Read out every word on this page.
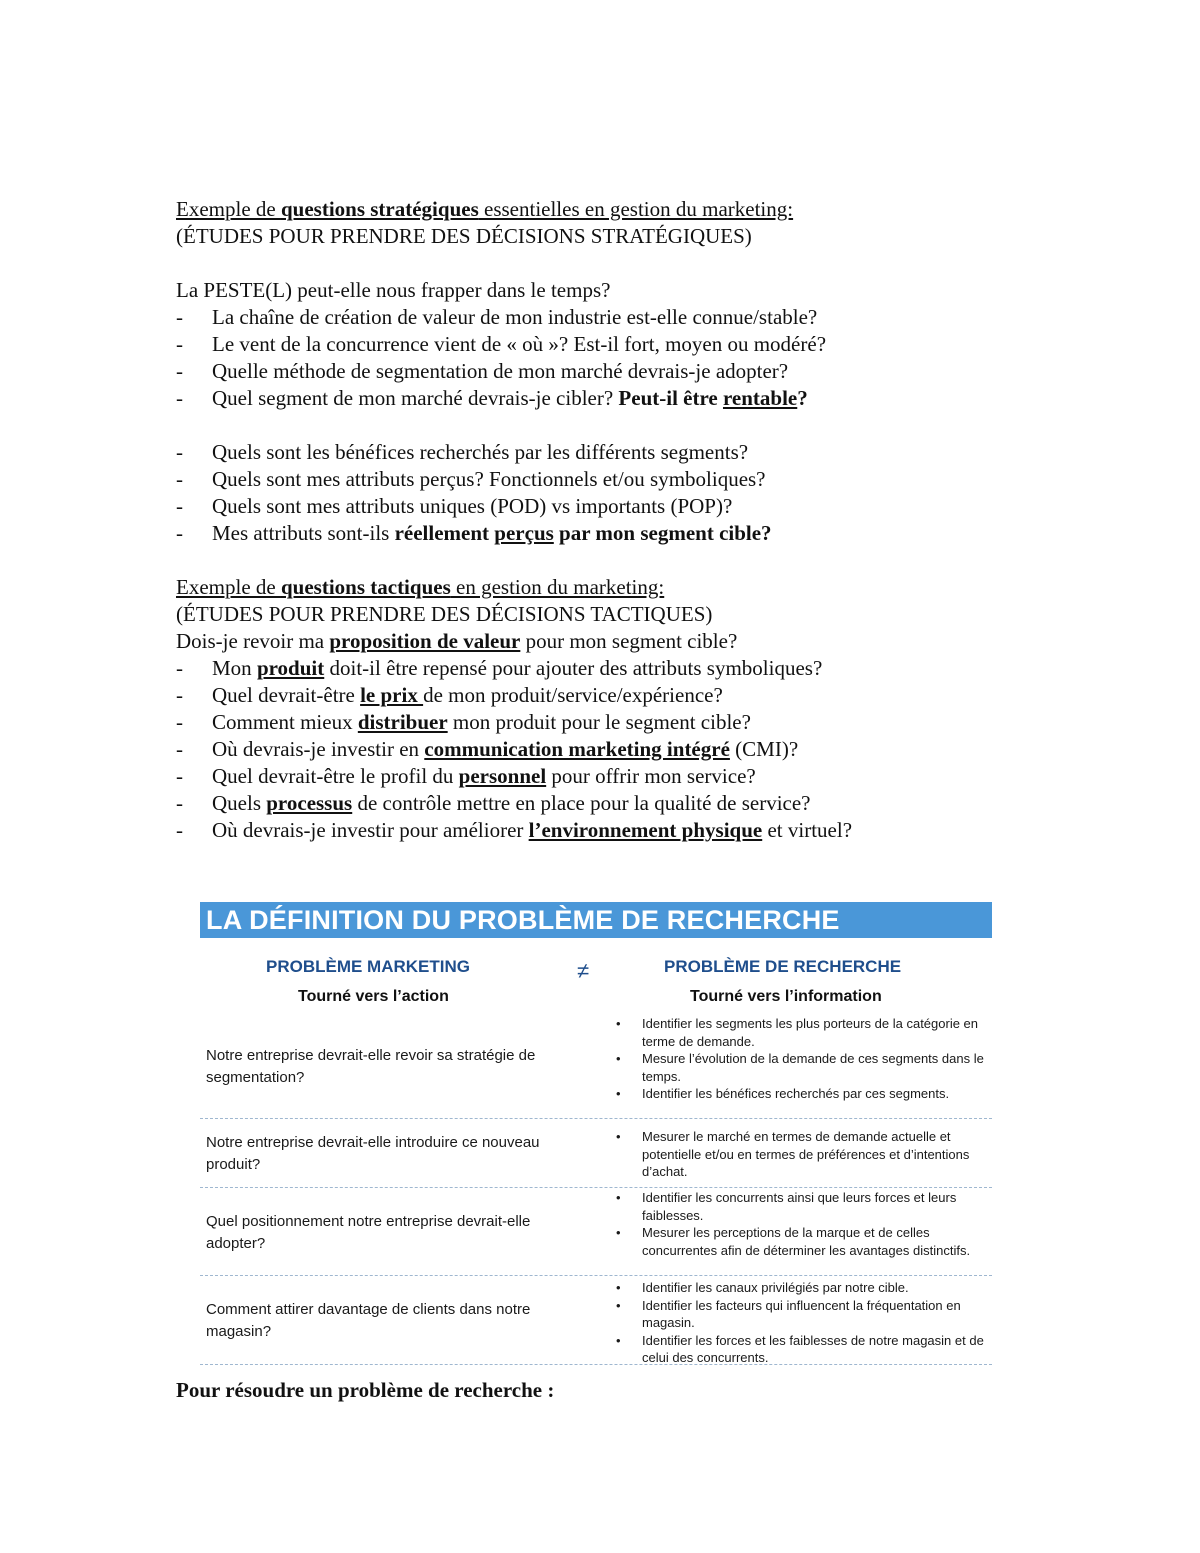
Exemple de questions stratégiques essentielles en gestion du marketing:
(ÉTUDES POUR PRENDRE DES DÉCISIONS STRATÉGIQUES)
La PESTE(L) peut-elle nous frapper dans le temps?
- La chaîne de création de valeur de mon industrie est-elle connue/stable?
- Le vent de la concurrence vient de « où »? Est-il fort, moyen ou modéré?
- Quelle méthode de segmentation de mon marché devrais-je adopter?
- Quel segment de mon marché devrais-je cibler? Peut-il être rentable?
- Quels sont les bénéfices recherchés par les différents segments?
- Quels sont mes attributs perçus? Fonctionnels et/ou symboliques?
- Quels sont mes attributs uniques (POD) vs importants (POP)?
- Mes attributs sont-ils réellement perçus par mon segment cible?
Exemple de questions tactiques en gestion du marketing:
(ÉTUDES POUR PRENDRE DES DÉCISIONS TACTIQUES)
Dois-je revoir ma proposition de valeur pour mon segment cible?
- Mon produit doit-il être repensé pour ajouter des attributs symboliques?
- Quel devrait-être le prix de mon produit/service/expérience?
- Comment mieux distribuer mon produit pour le segment cible?
- Où devrais-je investir en communication marketing intégré (CMI)?
- Quel devrait-être le profil du personnel pour offrir mon service?
- Quels processus de contrôle mettre en place pour la qualité de service?
- Où devrais-je investir pour améliorer l’environnement physique et virtuel?
LA DÉFINITION DU PROBLÈME DE RECHERCHE
PROBLÈME MARKETING	≠	PROBLÈME DE RECHERCHE
Tourné vers l’action	Tourné vers l’information
Notre entreprise devrait-elle revoir sa stratégie de segmentation?
• Identifier les segments les plus porteurs de la catégorie en terme de demande.
• Mesure l’évolution de la demande de ces segments dans le temps.
• Identifier les bénéfices recherchés par ces segments.
Notre entreprise devrait-elle introduire ce nouveau produit?
• Mesurer le marché en termes de demande actuelle et potentielle et/ou en termes de préférences et d’intentions d’achat.
Quel positionnement notre entreprise devrait-elle adopter?
• Identifier les concurrents ainsi que leurs forces et leurs faiblesses.
• Mesurer les perceptions de la marque et de celles concurrentes afin de déterminer les avantages distinctifs.
Comment attirer davantage de clients dans notre magasin?
• Identifier les canaux privilégiés par notre cible.
• Identifier les facteurs qui influencent la fréquentation en magasin.
• Identifier les forces et les faiblesses de notre magasin et de celui des concurrents.
Pour résoudre un problème de recherche :
